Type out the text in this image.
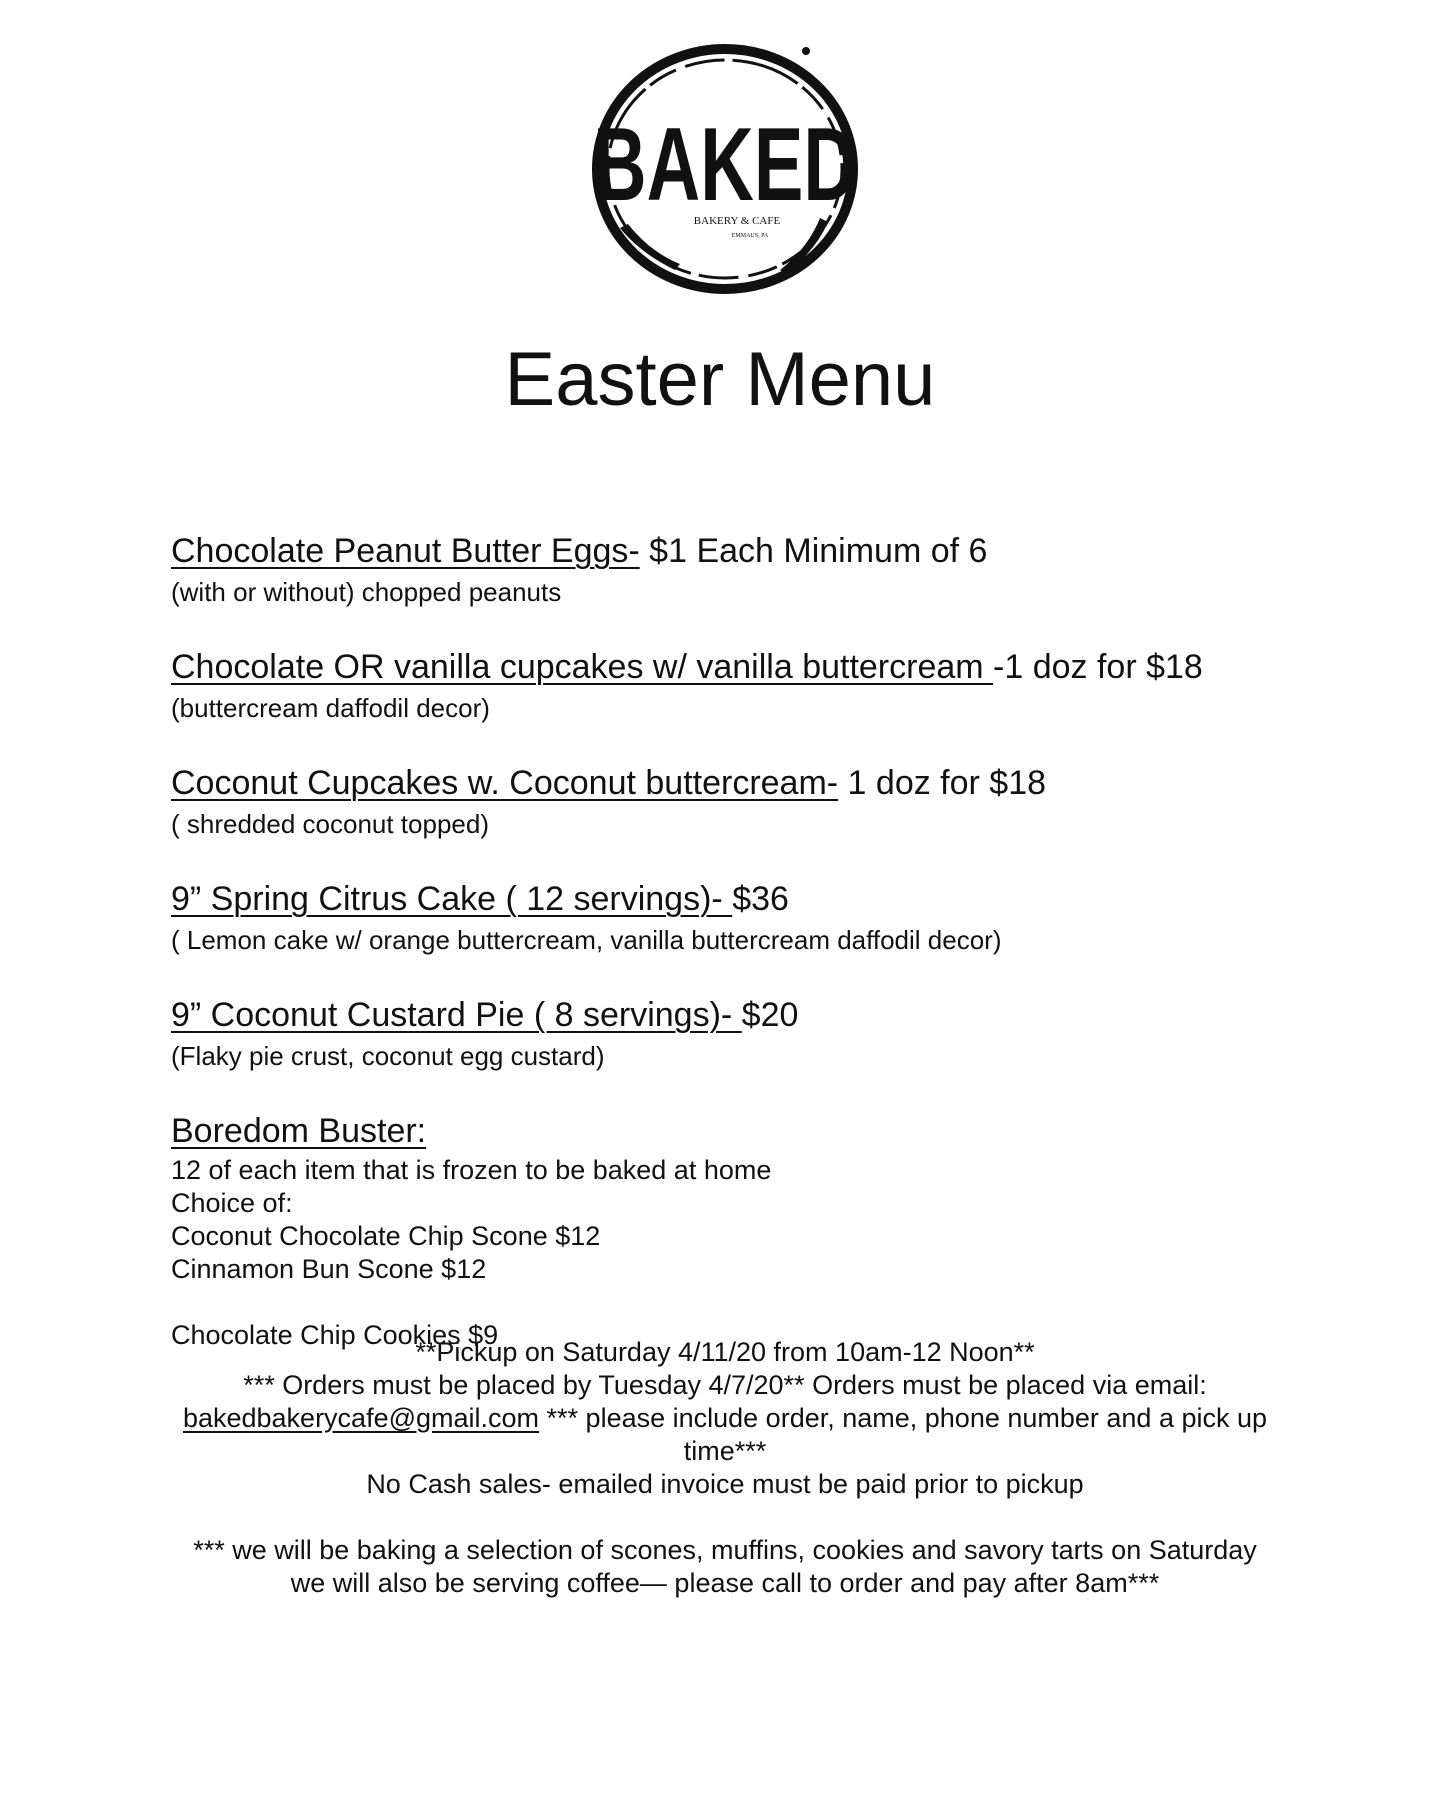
BAKED
BAKERY & CAFE
EMMAUS, PA
Easter Menu
Chocolate Peanut Butter Eggs- $1 Each Minimum of 6
(with or without) chopped peanuts
Chocolate OR vanilla cupcakes w/ vanilla buttercream -1 doz for $18
(buttercream daffodil decor)
Coconut Cupcakes w. Coconut buttercream- 1 doz for $18
( shredded coconut topped)
9” Spring Citrus Cake ( 12 servings)- $36
( Lemon cake w/ orange buttercream, vanilla buttercream daffodil decor)
9” Coconut Custard Pie ( 8 servings)- $20
(Flaky pie crust, coconut egg custard)
Boredom Buster:
12 of each item that is frozen to be baked at home
Choice of:
Coconut Chocolate Chip Scone $12
Cinnamon Bun Scone $12
Chocolate Chip Cookies $9

**Pickup on Saturday 4/11/20 from 10am-12 Noon**

*** Orders must be placed by Tuesday 4/7/20** Orders must be placed via email: bakedbakerycafe@gmail.com *** please include order, name, phone number and a pick up time***

No Cash sales- emailed invoice must be paid prior to pickup

*** we will be baking a selection of scones, muffins, cookies and savory tarts on Saturday we will also be serving coffee— please call to order and pay after 8am***
